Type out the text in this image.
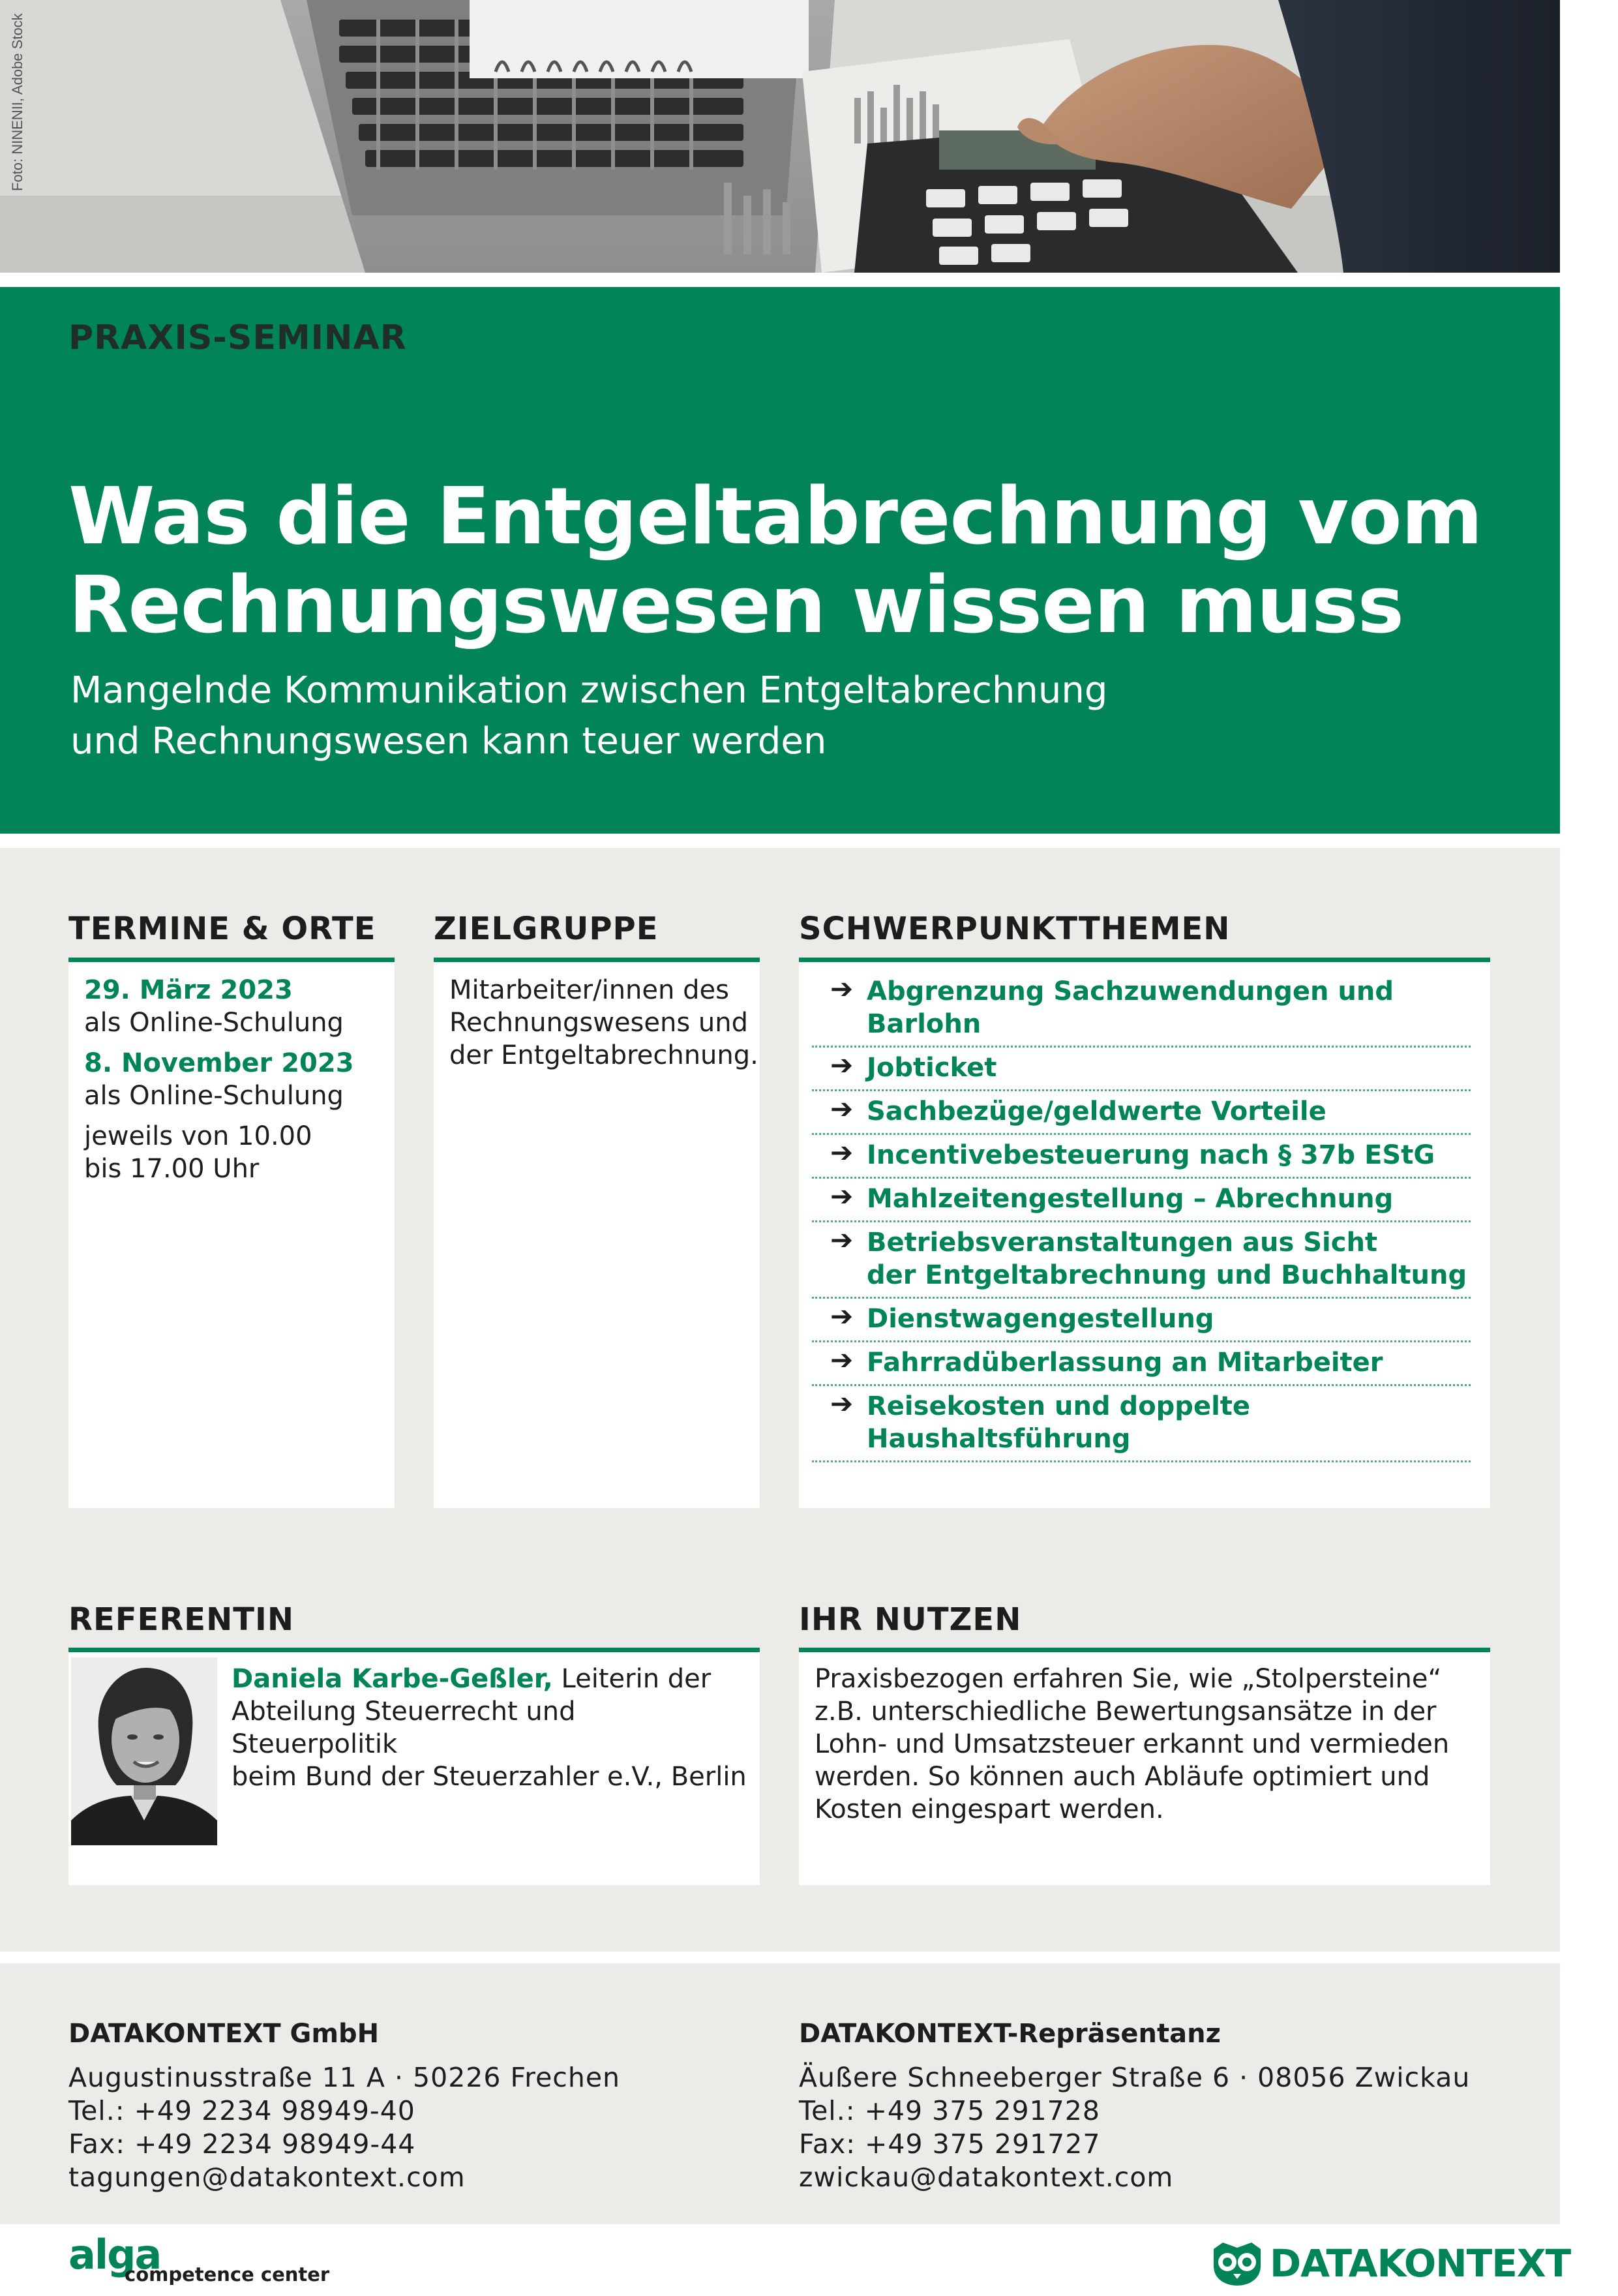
Foto: NINENII, Adobe Stock
PRAXIS-SEMINAR
Was die Entgeltabrechnung vom
Rechnungswesen wissen muss
Mangelnde Kommunikation zwischen Entgeltabrechnung
und Rechnungswesen kann teuer werden
TERMINE & ORTE
29. März 2023
als Online-Schulung
8. November 2023
als Online-Schulung
jeweils von 10.00
bis 17.00 Uhr
ZIELGRUPPE
Mitarbeiter/innen des
Rechnungswesens und
der Entgeltabrechnung.
SCHWERPUNKTTHEMEN
➔ Abgrenzung Sachzuwendungen und Barlohn
➔ Jobticket
➔ Sachbezüge/geldwerte Vorteile
➔ Incentivebesteuerung nach § 37b EStG
➔ Mahlzeitengestellung – Abrechnung
➔ Betriebsveranstaltungen aus Sicht
der Entgeltabrechnung und Buchhaltung
➔ Dienstwagengestellung
➔ Fahrradüberlassung an Mitarbeiter
➔ Reisekosten und doppelte Haushaltsführung
REFERENTIN
Daniela Karbe-Geßler, Leiterin der
Abteilung Steuerrecht und Steuerpolitik
beim Bund der Steuerzahler e.V., Berlin
IHR NUTZEN
Praxisbezogen erfahren Sie, wie „Stolpersteine“
z.B. unterschiedliche Bewertungsansätze in der
Lohn- und Umsatzsteuer erkannt und vermieden
werden. So können auch Abläufe optimiert und
Kosten eingespart werden.
DATAKONTEXT GmbH
Augustinusstraße 11 A · 50226 Frechen
Tel.: +49 2234 98949-40
Fax: +49 2234 98949-44
tagungen@datakontext.com
DATAKONTEXT-Repräsentanz
Äußere Schneeberger Straße 6 · 08056 Zwickau
Tel.: +49 375 291728
Fax: +49 375 291727
zwickau@datakontext.com
alga
competence center	DATAKONTEXT
